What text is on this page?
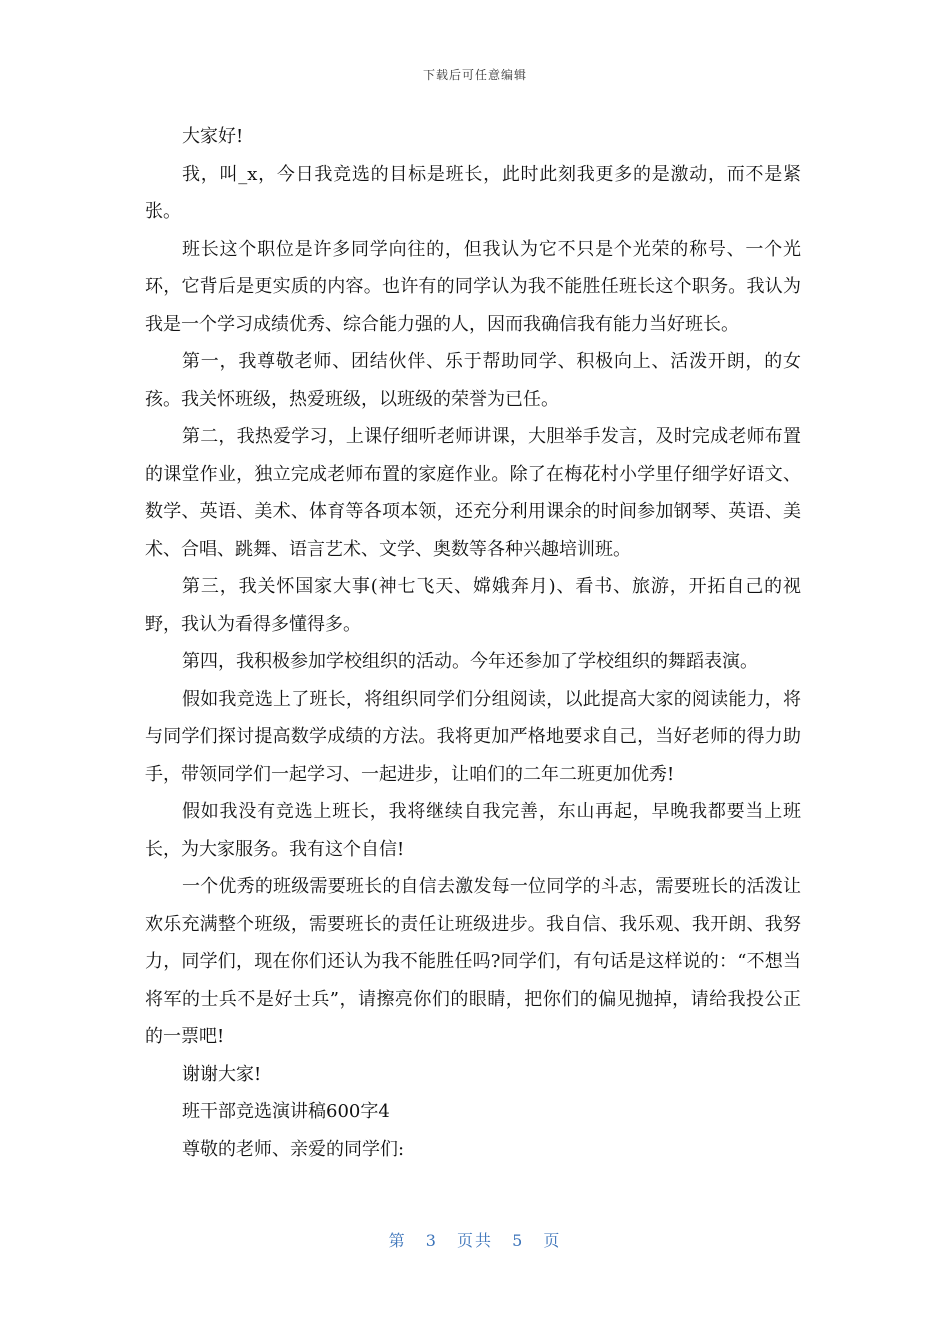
下载后可任意编辑

大家好!

我，叫_x，今日我竞选的目标是班长，此时此刻我更多的是激动，而不是紧张。

班长这个职位是许多同学向往的，但我认为它不只是个光荣的称号、一个光环，它背后是更实质的内容。也许有的同学认为我不能胜任班长这个职务。我认为我是一个学习成绩优秀、综合能力强的人，因而我确信我有能力当好班长。

第一，我尊敬老师、团结伙伴、乐于帮助同学、积极向上、活泼开朗，的女孩。我关怀班级，热爱班级，以班级的荣誉为已任。

第二，我热爱学习，上课仔细听老师讲课，大胆举手发言，及时完成老师布置的课堂作业，独立完成老师布置的家庭作业。除了在梅花村小学里仔细学好语文、数学、英语、美术、体育等各项本领，还充分利用课余的时间参加钢琴、英语、美术、合唱、跳舞、语言艺术、文学、奥数等各种兴趣培训班。

第三，我关怀国家大事(神七飞天、嫦娥奔月)、看书、旅游，开拓自己的视野，我认为看得多懂得多。

第四，我积极参加学校组织的活动。今年还参加了学校组织的舞蹈表演。

假如我竞选上了班长，将组织同学们分组阅读，以此提高大家的阅读能力，将与同学们探讨提高数学成绩的方法。我将更加严格地要求自己，当好老师的得力助手，带领同学们一起学习、一起进步，让咱们的二年二班更加优秀!

假如我没有竞选上班长，我将继续自我完善，东山再起，早晚我都要当上班长，为大家服务。我有这个自信!

一个优秀的班级需要班长的自信去激发每一位同学的斗志，需要班长的活泼让欢乐充满整个班级，需要班长的责任让班级进步。我自信、我乐观、我开朗、我努力，同学们，现在你们还认为我不能胜任吗?同学们，有句话是这样说的：“不想当将军的士兵不是好士兵”，请擦亮你们的眼睛，把你们的偏见抛掉，请给我投公正的一票吧!

谢谢大家!

班干部竞选演讲稿600字4

尊敬的老师、亲爱的同学们:

第 3 页共 5 页
